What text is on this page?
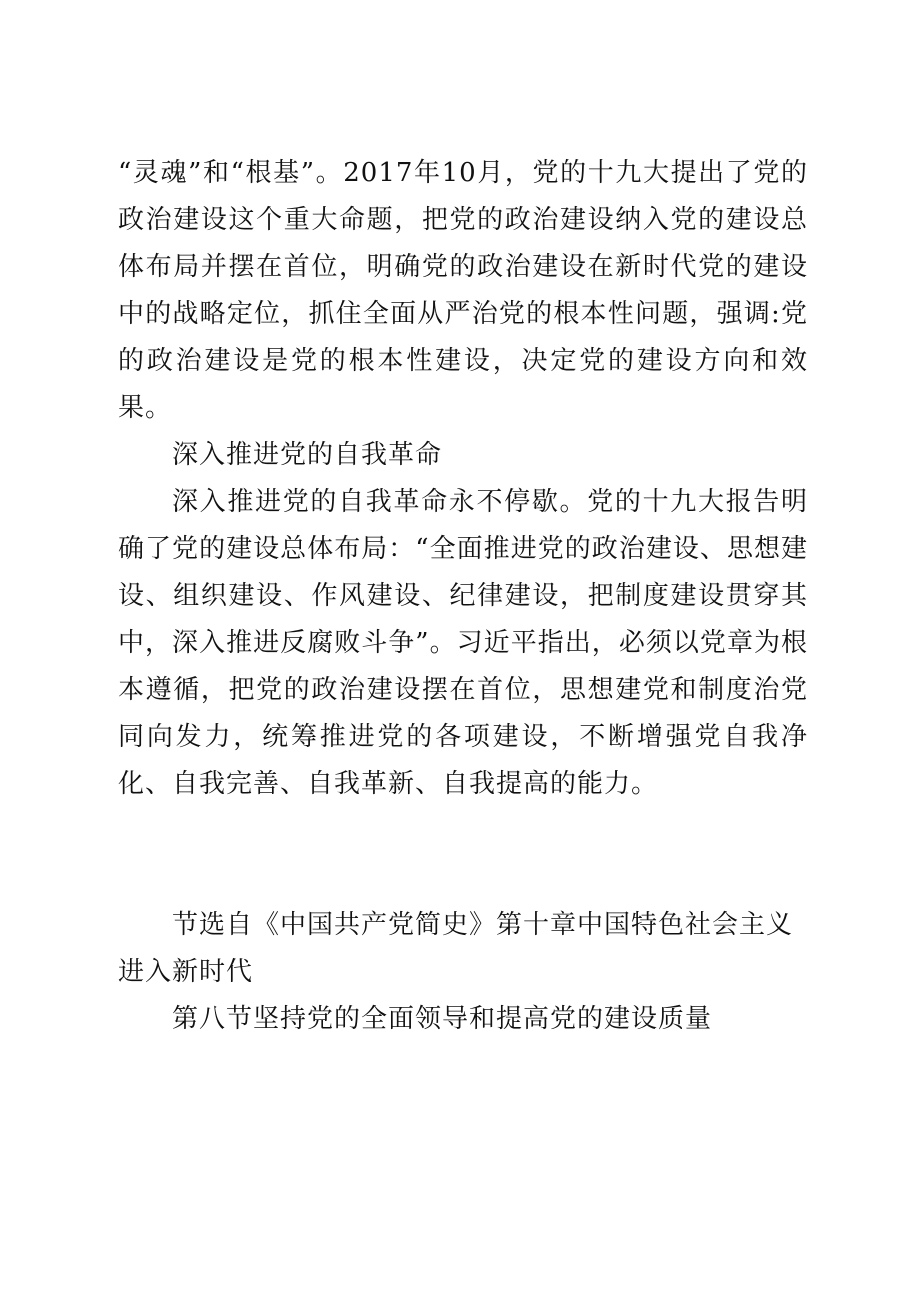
“灵魂”和“根基”。2017年10月，党的十九大提出了党的政治建设这个重大命题，把党的政治建设纳入党的建设总体布局并摆在首位，明确党的政治建设在新时代党的建设中的战略定位，抓住全面从严治党的根本性问题，强调:党的政治建设是党的根本性建设，决定党的建设方向和效果。

深入推进党的自我革命

深入推进党的自我革命永不停歇。党的十九大报告明确了党的建设总体布局：“全面推进党的政治建设、思想建设、组织建设、作风建设、纪律建设，把制度建设贯穿其中，深入推进反腐败斗争”。习近平指出，必须以党章为根本遵循，把党的政治建设摆在首位，思想建党和制度治党同向发力，统筹推进党的各项建设，不断增强党自我净化、自我完善、自我革新、自我提高的能力。

节选自《中国共产党简史》第十章中国特色社会主义进入新时代

第八节坚持党的全面领导和提高党的建设质量
